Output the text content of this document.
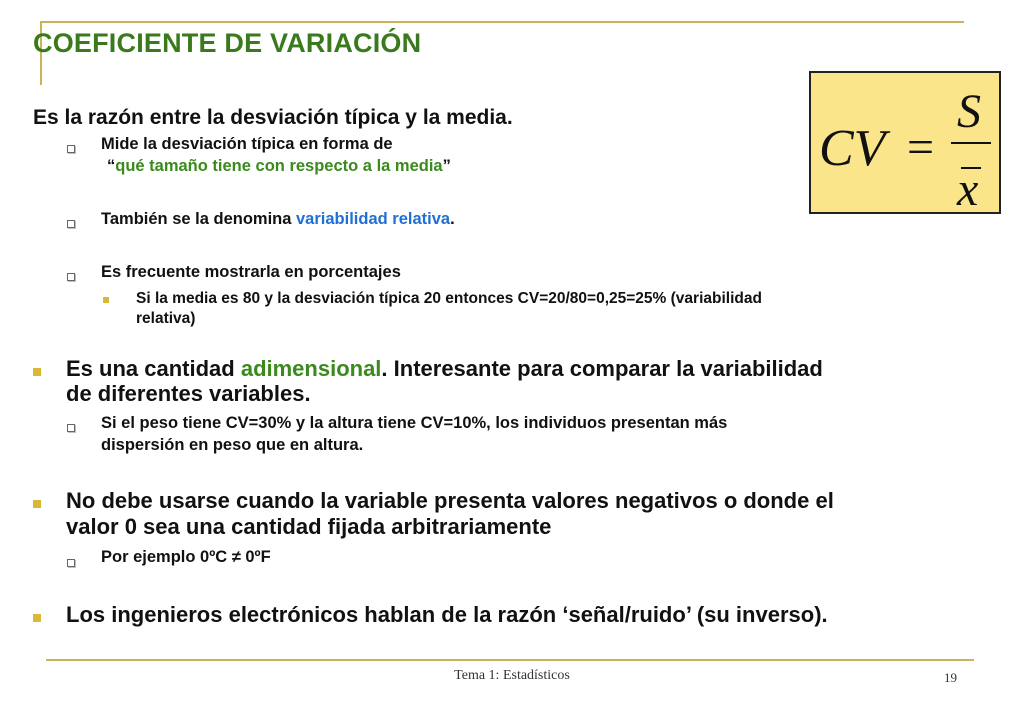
COEFICIENTE DE VARIACIÓN
Es la razón entre la desviación típica y la media.
CV =
S
x
Mide la desviación típica en forma de
“qué tamaño tiene con respecto a la media”
También se la denomina variabilidad relativa.
Es frecuente mostrarla en porcentajes
Si la media es 80 y la desviación típica 20 entonces CV=20/80=0,25=25% (variabilidad
relativa)
Es una cantidad adimensional. Interesante para comparar la variabilidad
de diferentes variables.
Si el peso tiene CV=30% y la altura tiene CV=10%, los individuos presentan más
dispersión en peso que en altura.
No debe usarse cuando la variable presenta valores negativos o donde el
valor 0 sea una cantidad fijada arbitrariamente
Por ejemplo 0ºC ≠ 0ºF
Los ingenieros electrónicos hablan de la razón ‘señal/ruido’ (su inverso).
Tema 1: Estadísticos	19
